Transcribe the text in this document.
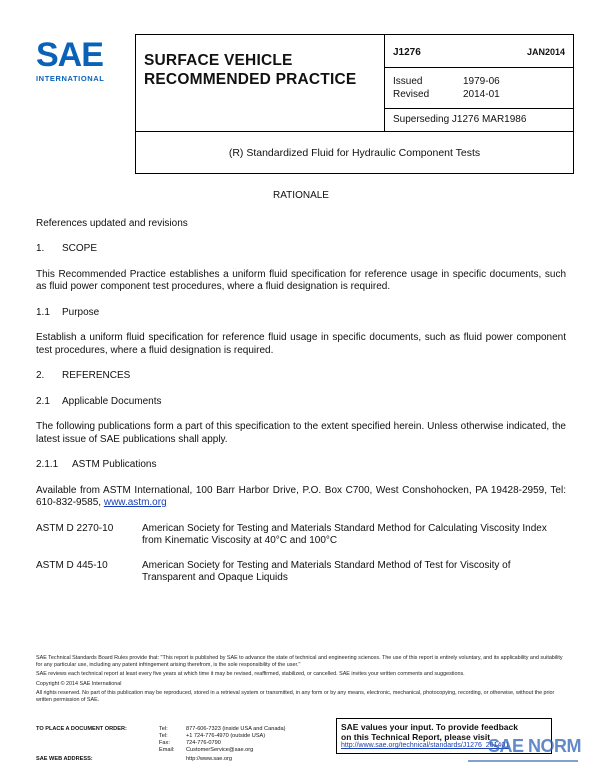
SAE
INTERNATIONAL
SURFACE VEHICLE
RECOMMENDED PRACTICE
J1276	JAN2014
Issued	1979-06
Revised	2014-01
Superseding J1276 MAR1986
(R) Standardized Fluid for Hydraulic Component Tests
RATIONALE
References updated and revisions
1. SCOPE
This Recommended Practice establishes a uniform fluid specification for reference usage in specific documents, such as fluid power component test procedures, where a fluid designation is required.
1.1 Purpose
Establish a uniform fluid specification for reference fluid usage in specific documents, such as fluid power component test procedures, where a fluid designation is required.
2. REFERENCES
2.1 Applicable Documents
The following publications form a part of this specification to the extent specified herein. Unless otherwise indicated, the latest issue of SAE publications shall apply.
2.1.1 ASTM Publications
Available from ASTM International, 100 Barr Harbor Drive, P.O. Box C700, West Conshohocken, PA 19428-2959, Tel: 610-832-9585, www.astm.org
ASTM D 2270-10	American Society for Testing and Materials Standard Method for Calculating Viscosity Index from Kinematic Viscosity at 40°C and 100°C
ASTM D 445-10	American Society for Testing and Materials Standard Method of Test for Viscosity of Transparent and Opaque Liquids

SAE Technical Standards Board Rules provide that: "This report is published by SAE to advance the state of technical and engineering sciences. The use of this report is entirely voluntary, and its applicability and suitability for any particular use, including any patent infringement arising therefrom, is the sole responsibility of the user."

SAE reviews each technical report at least every five years at which time it may be revised, reaffirmed, stabilized, or cancelled. SAE invites your written comments and suggestions.

Copyright © 2014 SAE International

All rights reserved. No part of this publication may be reproduced, stored in a retrieval system or transmitted, in any form or by any means, electronic, mechanical, photocopying, recording, or otherwise, without the prior written permission of SAE.

TO PLACE A DOCUMENT ORDER:	Tel:	877-606-7323 (inside USA and Canada)
Tel:	+1 724-776-4970 (outside USA)
Fax:	724-776-0790
Email: CustomerService@sae.org
SAE WEB ADDRESS:	http://www.sae.org
SAE values your input. To provide feedback
on this Technical Report, please visit
http://www.sae.org/technical/standards/J1276_201401
SAE NORM
